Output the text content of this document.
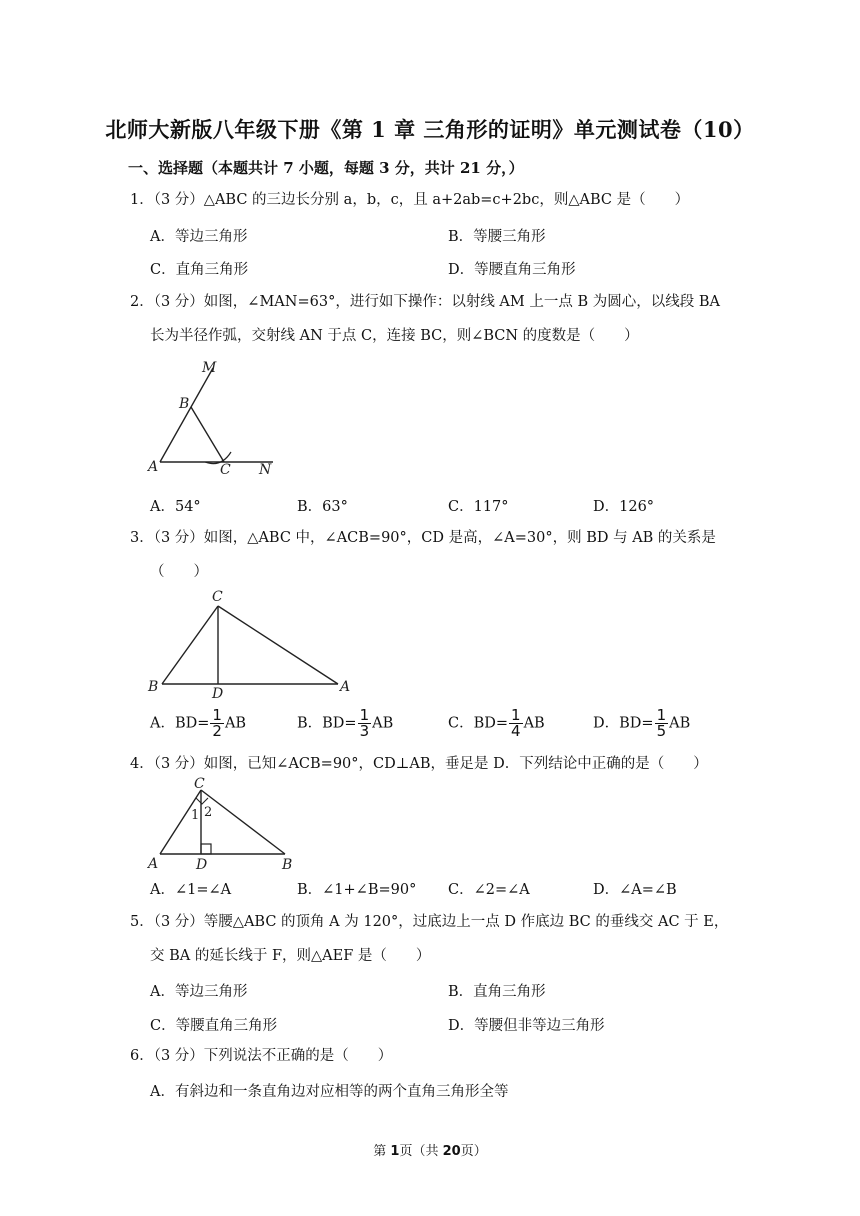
北师大新版八年级下册《第 1 章 三角形的证明》单元测试卷（10）
一、选择题（本题共计 7 小题，每题 3 分，共计 21 分，）
1．（3 分）△ABC 的三边长分别 a，b，c，且 a+2ab=c+2bc，则△ABC 是（　　）
A．等边三角形	B．等腰三角形
C．直角三角形	D．等腰直角三角形
2．（3 分）如图，∠MAN=63°，进行如下操作：以射线 AM 上一点 B 为圆心，以线段 BA
长为半径作弧，交射线 AN 于点 C，连接 BC，则∠BCN 的度数是（　　）
M
B
A	C N
A．54°	B．63°	C．117°	D．126°
3．（3 分）如图，△ABC 中，∠ACB=90°，CD 是高，∠A=30°，则 BD 与 AB 的关系是
（　　）
C
B	D	A
A．$BD= \frac{1}{2}$ AB	B．$BD= \frac{1}{3}$ AB	C．$BD= \frac{1}{4}$ AB	D．$BD= \frac{1}{5}$ AB
4．（3 分）如图，已知∠ACB=90°，CD⊥AB，垂足是 D．下列结论中正确的是（　　）
C
1 2
A	D	B
A．∠1=∠A	B．∠1+∠B=90° C．∠2=∠A	D．∠A=∠B
5．（3 分）等腰△ABC 的顶角 A 为 120°，过底边上一点 D 作底边 BC 的垂线交 AC 于 E，
交 BA 的延长线于 F，则△AEF 是（　　）
A．等边三角形	B．直角三角形
C．等腰直角三角形	D．等腰但非等边三角形
6．（3 分）下列说法不正确的是（　　）
A．有斜边和一条直角边对应相等的两个直角三角形全等
第 1页（共 20页）
